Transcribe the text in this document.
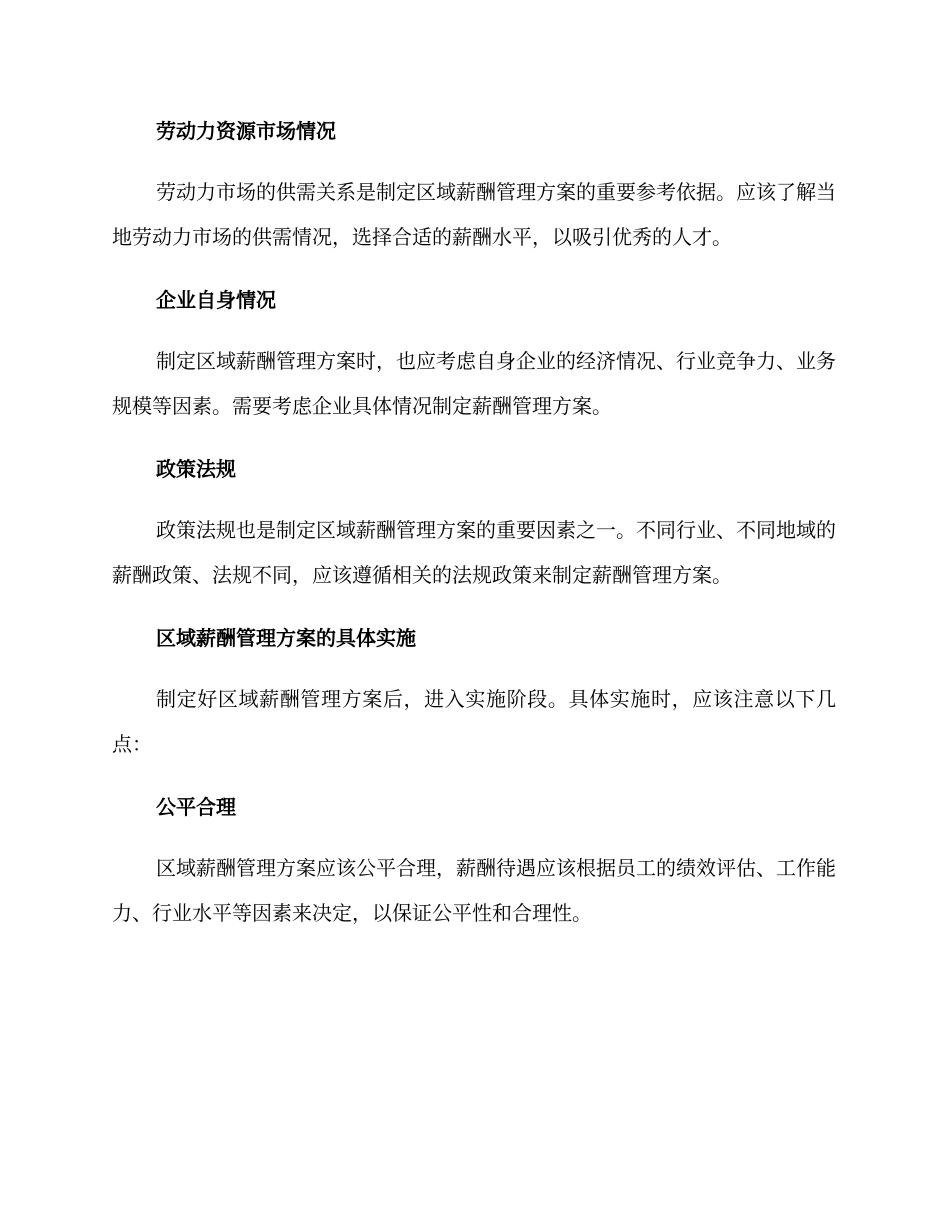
劳动力资源市场情况

劳动力市场的供需关系是制定区域薪酬管理方案的重要参考依据。应该了解当地劳动力市场的供需情况，选择合适的薪酬水平，以吸引优秀的人才。

企业自身情况

制定区域薪酬管理方案时，也应考虑自身企业的经济情况、行业竞争力、业务规模等因素。需要考虑企业具体情况制定薪酬管理方案。

政策法规

政策法规也是制定区域薪酬管理方案的重要因素之一。不同行业、不同地域的薪酬政策、法规不同，应该遵循相关的法规政策来制定薪酬管理方案。

区域薪酬管理方案的具体实施

制定好区域薪酬管理方案后，进入实施阶段。具体实施时，应该注意以下几点：

公平合理

区域薪酬管理方案应该公平合理，薪酬待遇应该根据员工的绩效评估、工作能力、行业水平等因素来决定，以保证公平性和合理性。
